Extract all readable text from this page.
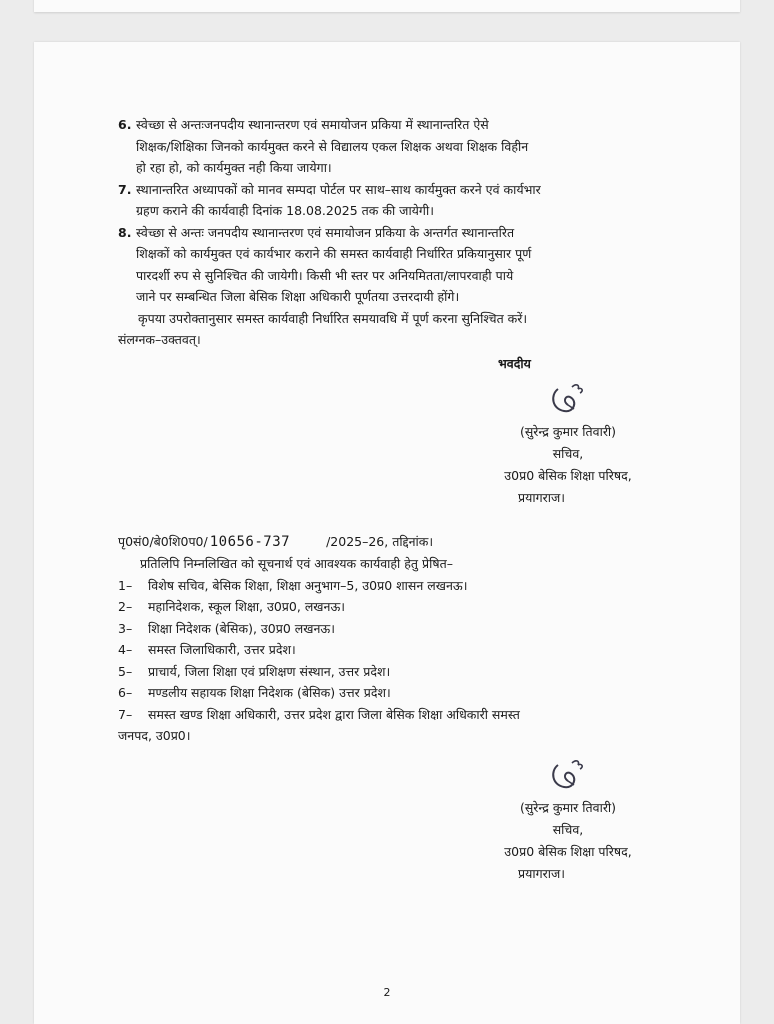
6. स्वेच्छा से अन्तःजनपदीय स्थानान्तरण एवं समायोजन प्रकिया में स्थानान्तरित ऐसे
शिक्षक/शिक्षिका जिनको कार्यमुक्त करने से विद्यालय एकल शिक्षक अथवा शिक्षक विहीन
हो रहा हो, को कार्यमुक्त नही किया जायेगा।
7. स्थानान्तरित अध्यापकों को मानव सम्पदा पोर्टल पर साथ–साथ कार्यमुक्त करने एवं कार्यभार
ग्रहण कराने की कार्यवाही दिनांक 18.08.2025 तक की जायेगी।
8. स्वेच्छा से अन्तः जनपदीय स्थानान्तरण एवं समायोजन प्रकिया के अन्तर्गत स्थानान्तरित
शिक्षकों को कार्यमुक्त एवं कार्यभार कराने की समस्त कार्यवाही निर्धारित प्रकियानुसार पूर्ण
पारदर्शी रुप से सुनिश्चित की जायेगी। किसी भी स्तर पर अनियमितता/लापरवाही पाये
जाने पर सम्बन्धित जिला बेसिक शिक्षा अधिकारी पूर्णतया उत्तरदायी होंगे।
कृपया उपरोक्तानुसार समस्त कार्यवाही निर्धारित समयावधि में पूर्ण करना सुनिश्चित करें।
संलग्नक–उक्तवत्।
भवदीय
(सुरेन्द्र कुमार तिवारी)
सचिव,
उ0प्र0 बेसिक शिक्षा परिषद,
प्रयागराज।
पृ0सं0/बे0शि0प0/ 10656-737	/2025–26, तद्दिनांक।
प्रतिलिपि निम्नलिखित को सूचनार्थ एवं आवश्यक कार्यवाही हेतु प्रेषित–
1–	विशेष सचिव, बेसिक शिक्षा, शिक्षा अनुभाग–5, उ0प्र0 शासन लखनऊ।
2–	महानिदेशक, स्कूल शिक्षा, उ0प्र0, लखनऊ।
3–	शिक्षा निदेशक (बेसिक), उ0प्र0 लखनऊ।
4–	समस्त जिलाधिकारी, उत्तर प्रदेश।
5–	प्राचार्य, जिला शिक्षा एवं प्रशिक्षण संस्थान, उत्तर प्रदेश।
6–	मण्डलीय सहायक शिक्षा निदेशक (बेसिक) उत्तर प्रदेश।
7–	समस्त खण्ड शिक्षा अधिकारी, उत्तर प्रदेश द्वारा जिला बेसिक शिक्षा अधिकारी समस्त
जनपद, उ0प्र0।
(सुरेन्द्र कुमार तिवारी)
सचिव,
उ0प्र0 बेसिक शिक्षा परिषद,
प्रयागराज।
2
